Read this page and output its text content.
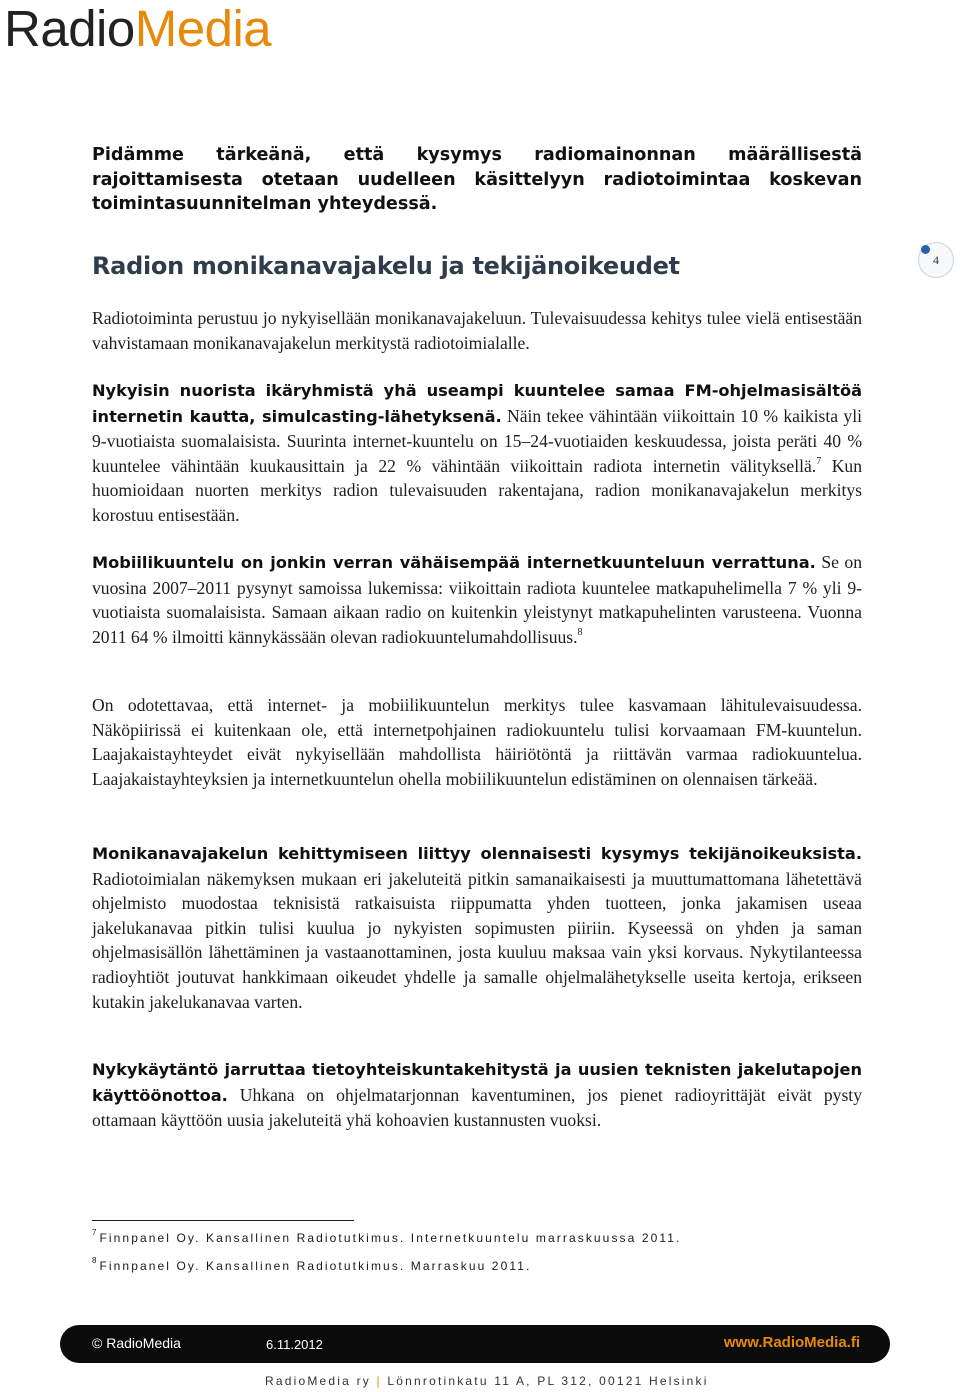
RadioMedia
4

Pidämme tärkeänä, että kysymys radiomainonnan määrällisestä rajoittamisesta otetaan uudelleen käsittelyyn radiotoimintaa koskevan toimintasuunnitelman yhteydessä.

Radion monikanavajakelu ja tekijänoikeudet

Radiotoiminta perustuu jo nykyisellään monikanavajakeluun. Tulevaisuudessa kehitys tulee vielä entisestään vahvistamaan monikanavajakelun merkitystä radiotoimialalle.

Nykyisin nuorista ikäryhmistä yhä useampi kuuntelee samaa FM-ohjelmasisältöä internetin kautta, simulcasting-lähetyksenä. Näin tekee vähintään viikoittain 10 % kaikista yli 9-vuotiaista suomalaisista. Suurinta internet-kuuntelu on 15–24-vuotiaiden keskuudessa, joista peräti 40 % kuuntelee vähintään kuukausittain ja 22 % vähintään viikoittain radiota internetin välityksellä.$^7$ Kun huomioidaan nuorten merkitys radion tulevaisuuden rakentajana, radion monikanavajakelun merkitys korostuu entisestään.

Mobiilikuuntelu on jonkin verran vähäisempää internetkuunteluun verrattuna. Se on vuosina 2007–2011 pysynyt samoissa lukemissa: viikoittain radiota kuuntelee matkapuhelimella 7 % yli 9-vuotiaista suomalaisista. Samaan aikaan radio on kuitenkin yleistynyt matkapuhelinten varusteena. Vuonna 2011 64 % ilmoitti kännykässään olevan radiokuuntelumahdollisuus.$^8$

On odotettavaa, että internet- ja mobiilikuuntelun merkitys tulee kasvamaan lähitulevaisuudessa. Näköpiirissä ei kuitenkaan ole, että internetpohjainen radiokuuntelu tulisi korvaamaan FM-kuuntelun. Laajakaistayhteydet eivät nykyisellään mahdollista häiriötöntä ja riittävän varmaa radiokuuntelua. Laajakaistayhteyksien ja internetkuuntelun ohella mobiilikuuntelun edistäminen on olennaisen tärkeää.

Monikanavajakelun kehittymiseen liittyy olennaisesti kysymys tekijänoikeuksista. Radiotoimialan näkemyksen mukaan eri jakeluteitä pitkin samanaikaisesti ja muuttumattomana lähetettävä ohjelmisto muodostaa teknisistä ratkaisuista riippumatta yhden tuotteen, jonka jakamisen useaa jakelukanavaa pitkin tulisi kuulua jo nykyisten sopimusten piiriin. Kyseessä on yhden ja saman ohjelmasisällön lähettäminen ja vastaanottaminen, josta kuuluu maksaa vain yksi korvaus. Nykytilanteessa radioyhtiöt joutuvat hankkimaan oikeudet yhdelle ja samalle ohjelmalähetykselle useita kertoja, erikseen kutakin jakelukanavaa varten.

Nykykäytäntö jarruttaa tietoyhteiskuntakehitystä ja uusien teknisten jakelutapojen käyttöönottoa. Uhkana on ohjelmatarjonnan kaventuminen, jos pienet radioyrittäjät eivät pysty ottamaan käyttöön uusia jakeluteitä yhä kohoavien kustannusten vuoksi.

$^7$ Finnpanel Oy. Kansallinen Radiotutkimus. Internetkuuntelu marraskuussa 2011.

$^8$ Finnpanel Oy. Kansallinen Radiotutkimus. Marraskuu 2011.

© RadioMedia	6.11.2012	www.RadioMedia.fi

RadioMedia ry | Lönnrotinkatu 11 A, PL 312, 00121 Helsinki
